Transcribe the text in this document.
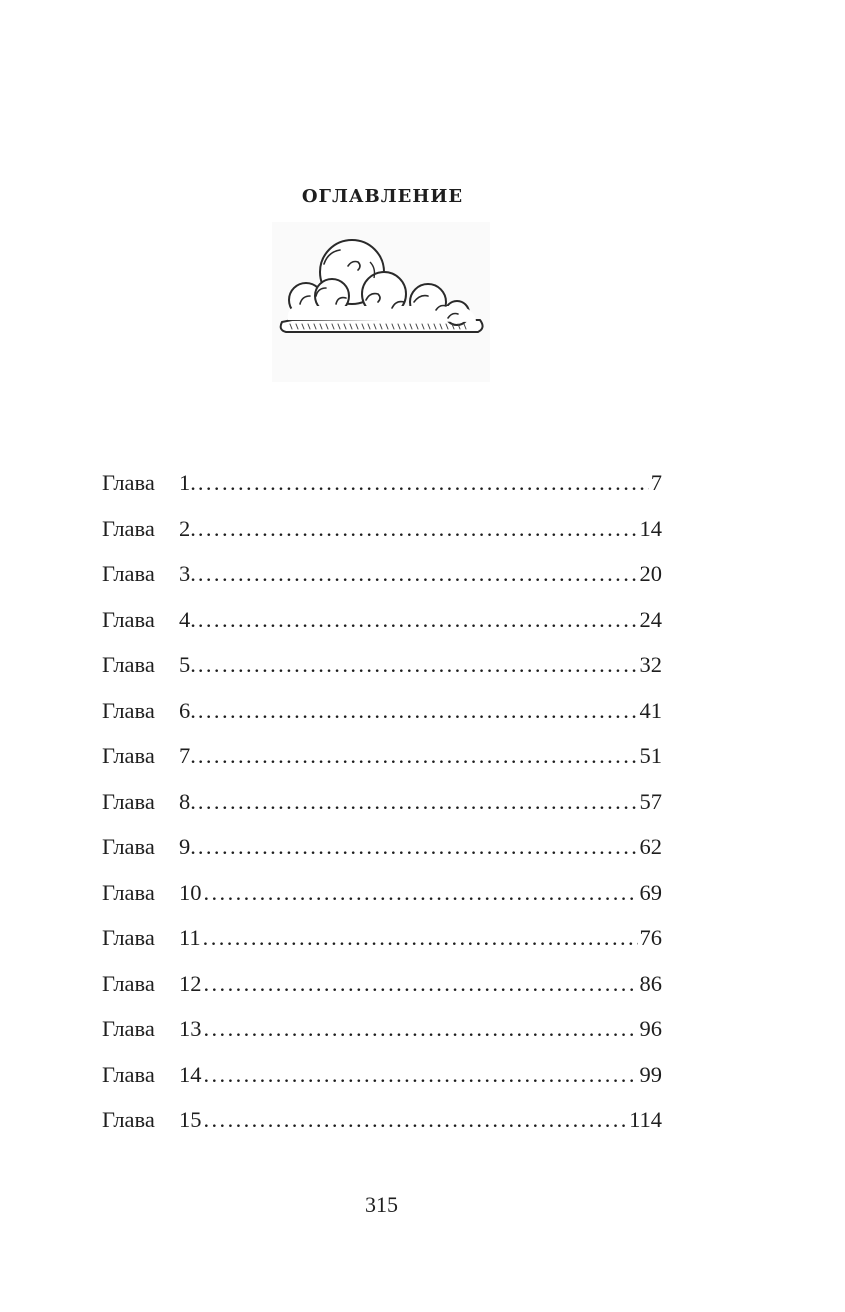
ОГЛАВЛЕНИЕ
Глава	1. .....	7
Глава	2. .....	14
Глава	3. .....	20
Глава	4. .....	24
Глава	5. .....	32
Глава	6. .....	41
Глава	7. .....	51
Глава	8. .....	57
Глава	9. .....	62
Глава	10 .....	69
Глава	11 .....	76
Глава	12 .....	86
Глава	13 .....	96
Глава	14 .....	99
Глава	15 .....	114

315
